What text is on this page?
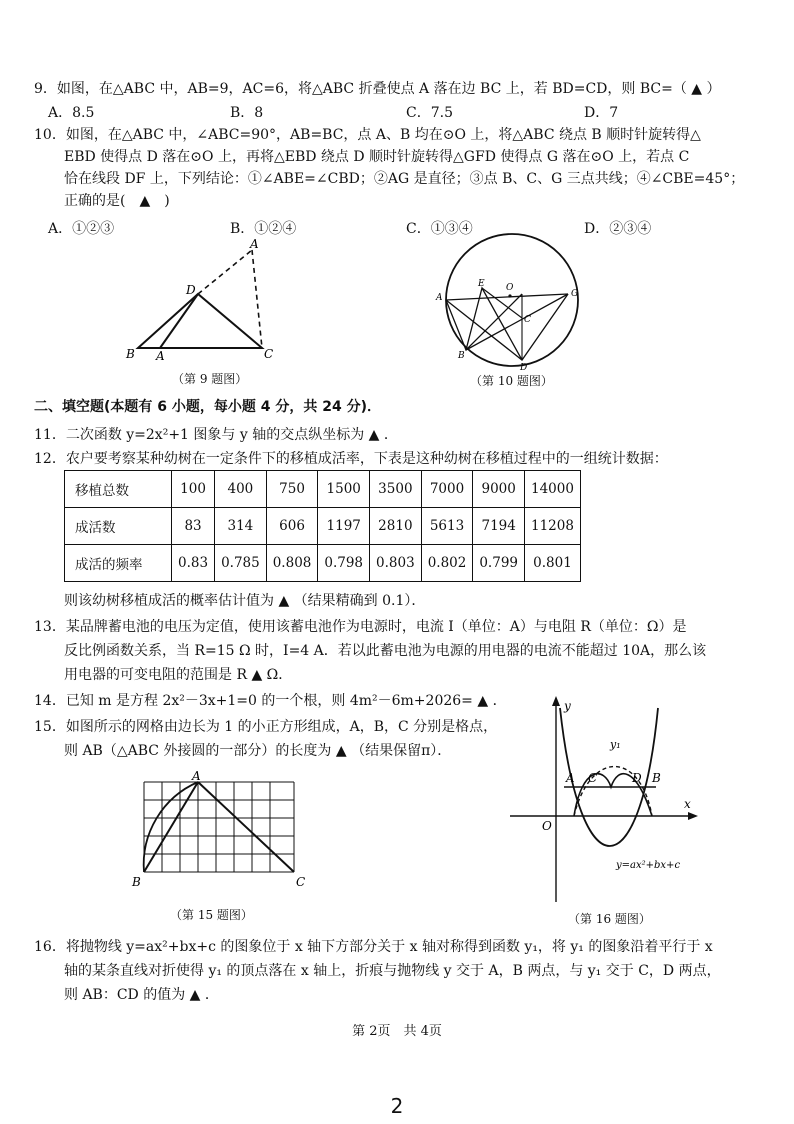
9．如图，在△ABC 中，AB=9，AC=6，将△ABC 折叠使点 A 落在边 BC 上，若 BD=CD，则 BC=（ ▲ ）
A．8.5	B．8	C．7.5	D．7
10．如图，在△ABC 中，∠ABC=90°，AB=BC，点 A、B 均在⊙O 上，将△ABC 绕点 B 顺时针旋转得△
EBD 使得点 D 落在⊙O 上，再将△EBD 绕点 D 顺时针旋转得△GFD 使得点 G 落在⊙O 上，若点 C
恰在线段 DF 上，下列结论：①∠ABE=∠CBD；②AG 是直径；③点 B、C、G 三点共线；④∠CBE=45°；
正确的是(　▲　)
A．①②③	B．①②④	C．①③④	D．②③④
A
D
B A	C
（第 9 题图）
E O
G
A
C
B
D
（第 10 题图）
二、填空题(本题有 6 小题，每小题 4 分，共 24 分)．
11．二次函数 y=2x²+1 图象与 y 轴的交点纵坐标为 ▲ ．
12．农户要考察某种幼树在一定条件下的移植成活率，下表是这种幼树在移植过程中的一组统计数据：
移植总数	100	400	750	1500	3500	7000	9000	14000
成活数	83	314	606	1197	2810	5613	7194	11208
成活的频率	0.83	0.785	0.808	0.798	0.803	0.802	0.799	0.801
则该幼树移植成活的概率估计值为 ▲ （结果精确到 0.1）．
13．某品牌蓄电池的电压为定值，使用该蓄电池作为电源时，电流 I（单位：A）与电阻 R（单位：Ω）是
反比例函数关系，当 R=15 Ω 时，I=4 A．若以此蓄电池为电源的用电器的电流不能超过 10A，那么该
用电器的可变电阻的范围是 R ▲ Ω．
14．已知 m 是方程 2x²－3x+1=0 的一个根，则 4m²－6m+2026= ▲ ．
15．如图所示的网格由边长为 1 的小正方形组成，A，B，C 分别是格点，
则 AB（△ABC 外接圆的一部分）的长度为 ▲ （结果保留π）．
A
B	C
（第 15 题图）
y
x
O
y₁
A C	D B
y=ax²+bx+c
（第 16 题图）
16．将抛物线 y=ax²+bx+c 的图象位于 x 轴下方部分关于 x 轴对称得到函数 y₁，将 y₁ 的图象沿着平行于 x
轴的某条直线对折使得 y₁ 的顶点落在 x 轴上，折痕与抛物线 y 交于 A，B 两点，与 y₁ 交于 C，D 两点，
则 AB：CD 的值为 ▲ ．
第 2页　共 4页
2
